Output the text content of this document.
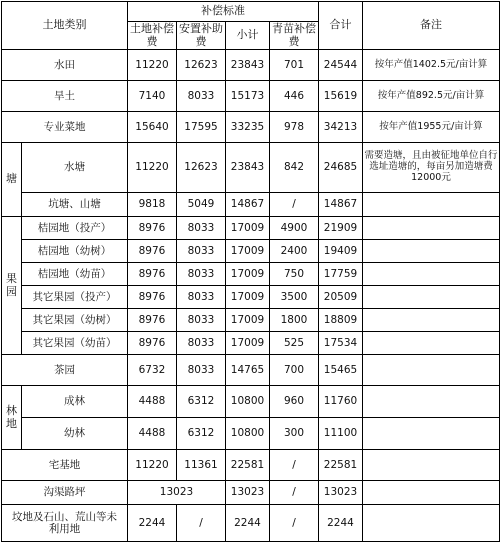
土地类别		补偿标准				合计	备注
		土地补偿费	安置补助费	小计	青苗补偿费		
水田		11220	12623	23843	701	24544	按年产值1402.5元/亩计算
旱土		7140	8033	15173	446	15619	按年产值892.5元/亩计算
专业菜地		15640	17595	33235	978	34213	按年产值1955元/亩计算
塘	水塘	11220	12623	23843	842	24685	需要造塘，且由被征地单位自行选址造塘的，每亩另加造塘费12000元
	坑塘、山塘	9818	5049	14867	/	14867	
果园	桔园地（投产）	8976	8033	17009	4900	21909	
	桔园地（幼树）	8976	8033	17009	2400	19409	
	桔园地（幼苗）	8976	8033	17009	750	17759	
	其它果园（投产）	8976	8033	17009	3500	20509	
	其它果园（幼树）	8976	8033	17009	1800	18809	
	其它果园（幼苗）	8976	8033	17009	525	17534	
茶园		6732	8033	14765	700	15465	
林地	成林	4488	6312	10800	960	11760	
	幼林	4488	6312	10800	300	11100	
宅基地		11220	11361	22581	/	22581	
沟渠路坪		13023		13023	/	13023	
坟地及石山、荒山等未利用地		2244	/	2244	/	2244	
